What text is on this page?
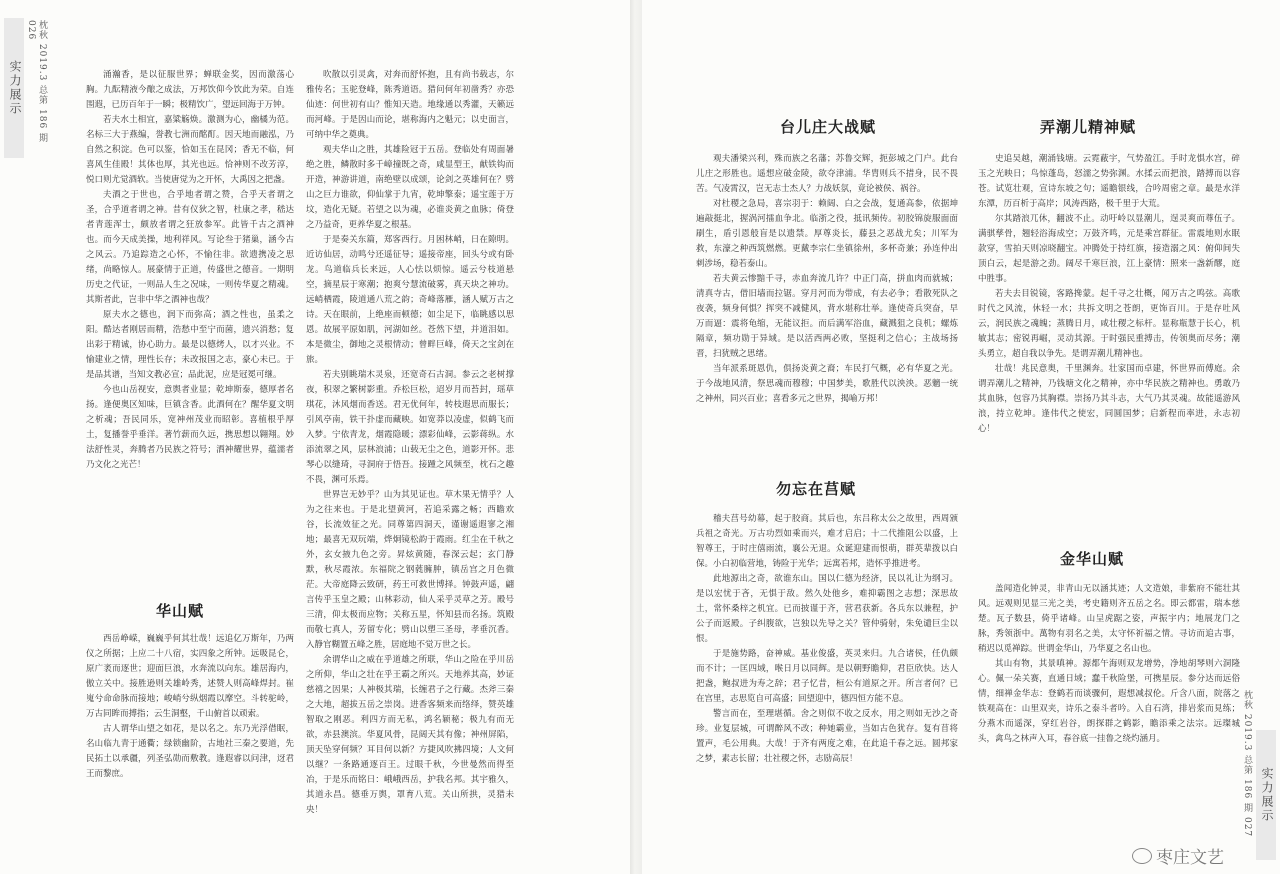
实力展示	枕秋 2019.3 总第 186 期 026

涌瀚香，是以征服世界；蝉联金奖，因而激荡心胸。九酝精液今酿之成法，万邦饮仰今饮此为荣。自连围遐，已历百年于一瞬；极精饮广，望远回海于万钟。

若夫水土相宜，嘉粱觞焕。激测为心，幽橘为范。名标三大于燕编，誉教七洲而酩酊。因天地而融泓，乃自然之积淀。色可以鉴，恰如玉在昆冈；香无不临，何喜风生佳殿！其体也厚，其光也远。恰神则不改芳淳，悦口则尤觉酒软。当使唐觉为之开怀，大禹因之把盏。

夫酒之于世也，合乎地者谓之赞，合乎天者谓之圣，合乎道者谓之神。昔有仪狄之智，杜康之孝，嵇达者青莲浑士，颇放者谓之狂放参军。此皆千古之酒神也。而今天成美操，地利祥风。写论叁于猪巢，涵今古之风云。乃追踪造之心怀，不愉往非。欲遗携凌之思绪，尚略惊人。展豪情于正道，传盛世之德音。一期明历史之代证，一则品人生之况味，一则传华夏之精魂。其斯者此，岂非中华之酒神也哉？

原夫水之德也，润下而弥高；酒之性也，虽柔之阳。酷达者刚居而精，浩愁中至宁而菌，遗兴消愁；复出彩于精诚，协心助力。最是以德烤人，以才兴业。不愉建业之情，理性长存；未改报国之志，豪心未已。于是品其谱，当知文教必宣；品此泥，应是冠冕可继。

今也山岳视安，意舆者业显；乾坤斯泰，德厚者名扬。逢便奥区知味，巨镇含香。此酒何在？醒华夏文明之析魂；吾民同乐，宽神州茂业而昭彰。喜植根乎厚土，复播誉乎垂洋。著竹薪而久远，携思想以翱翔。妙法舒性灵，奔腾者乃民族之符号；洒神耀世界，蕴濡者乃文化之光芒！

吹散以引灵禽，对奔而舒怀抱，且有尚书载志，尔雅传名；玉驼登峰，陈秀道语。猎问何年初凿秀？亦恐仙迹：何世初有山？惟知天造。地缘通以秀灌，天籁远而河峰。于是因山而论，堪称海内之魁元；以史面言，可纳中华之奠典。

观夫华山之胜，其雄险冠于五岳。登临处有周面暑绝之胜，鳞散时多千嶂撞既之奇，咸显型王，献铁钩而开造，神游讲道，南绝壁以成颂，论剑之英雄何在？劈山之巨力谁欲，仰仙掌于九宵，乾坤擎泰；遥宝莲于万坟，造化无疑。若望之以为魂，必谁炎黄之血脉；倚登之乃益奇，更养华夏之根基。

于是奏关东篇，郑客西行。月困林峭，日在隙明。近访仙居，动鸣兮还遥征导；遥接帝座，回头兮或有卧龙。鸟道临兵长来远，人心怯以烦惊。遥云兮枝道悬空，摘星辰于寒潮；抱爽兮慧流破雾，真天块之神功。远峭栖霞，陵道通八荒之韵；奇峰落雁，涵人赋万古之诗。天在眼前，上绝座而顿德；如尘足下，临眺感以思恩。故展平原如肌，河湖如丝。苍然下望，并道泪如。本是微尘，御地之灵根情动；曾畔巨峰，倚天之宝剑在旅。

若夫别眺瑞木灵泉，还宽奇石古洞。参云之老树撑夜，积翠之繁树影重。乔松巨松，迢岁月而苔封，瑶草琪花，沐风烟而香送。君无优何年，转枝遐思而服长；引风亭南，铁干扑虚而藏映。如宽莽以凌虚，似鹤飞而入梦。宁依青龙，烟霞隐暖；漂彩仙峰，云影蒋纵。水添流翠之风，层林浪浦；山载无尘之色，道影开怀。悲琴心以缝琦，寻洞府于悟吾。接踵之风频至，枕石之趣不畏，渊可乐焉。

世界岂无妙乎？山为其见证也。草木果无情乎？人为之往来也。于是北望黄河，若追采露之畅；西瞻欢谷，长流效征之光。同尊第四洞天，谨谢遥遐寥之湘地；最喜无双玩端，烨炯镜松韵于霞雨。红尘在千秋之外，玄女掖九色之旁。昇炫黄随，春深云起；玄门静默，秋尽霞浓。东福院之钢蕤臃肿，镇岳宫之月色微茫。大帝庭降云致研，药王可救世博择。钟鼓声遥，翩言传乎玉皇之殿；山林彩动，仙人采乎灵草之芳。殿号三清，仰太极而应物；关称五星，怀知县而名扬。筑殿而敬七真人，芳留专化；劈山以塑三圣母，孝垂沉香。入静官糊置五峰之胜，居庭地不觉万世之长。

余谓华山之威在乎道雄之所联，华山之险在乎川岳之所仰，华山之壮在乎王霸之所兴。天地养其高，妙证慈禧之因果；人神极其瑞，长缠君子之行藏。杰斧三秦之大地，超拔五岳之崇岗。进香客频来而络绎，赞英雄智取之刚恶。利四方而无私，鸿名颖秘；极九有而无欲，赤县澳滨。华夏风骨，昆阔天其有像；神州屏陷，顶天坠穿何频？耳目何以新？方捷风吹拂四境；人文何以继？一条路通逐百王。过眼千秋，今世曼然而得至冶，于是乐而铭日：峨峨西岳，护我名邦。其宇雅久，其道永昌。德垂万舆，罩育八荒。关山所拱，灵猎未央！	实力展示
枕秋 2019.3 总第 186 期 027
台儿庄大战赋

观夫潘梁兴利，殊而族之名藩；苏鲁交辉，扼彭城之门户。此台儿庄之形胜也。遥想应破金陵，欲夺津浦。华胄则兵不措身，民不畏苦。气凌霄汉，岂无志士杰人？力战妖氛，竟论被侯、祸谷。

对杜稷之急局，喜宗羽于：赖阔、白之会战，复通高参，依据坤遍敲挺北，握涡河擂血争北。临浙之役，抵讯频传。初胶锦旋服面面刷生，盾引恩般盲是以遗禁。厚尊炎长，藤县之恶战尤矣；川军为救，东濠之种西筑燃燃。更戴李宗仁坐镇徐州，多杯奇兼；孙连仲出刺涉场，稳若泰山。

若夫黄云惨黯千寻，赤血奔流几许？中正门高，拼血肉而就城；清真寺古，借旧墙而拉锯。穿月河而为带成，有去必争；看散死队之夜袭，频身何惧？挥突不减健风，背水堪称壮举。逢使奇兵突奋，早万而逼：震将龟缩，无能议拒。而后满军浴血，藏溅狙之良机；螺炼隔章，频功勋于异域。是以活西两必败，坚挺利之信心；主战场扬晋，扫犹贼之思绪。

当年派系斑恩仇，倶扬炎黄之裔；车民打气概，必有华夏之光。于今战地风清，祭思魂而穆穆；中国梦美，歌胜代以泱泱。恶魑一统之神州，同兴百业；喜看多元之世界，揭喻万邦！

勿忘在莒赋

稽夫莒号幼幕，起于胶商。其后也，东吕称太公之故里，西周颁兵祖之奇光。万古功烈如乘而兴，难才启启；十二代推阻公以盛，上智尊王，于时庄僖雨流，襄公无退。众诞迎建而恨萌，群英辈拨以白保。小白初临营地，铸险于光华；远寓若邦，造怀乎推进考。

此地源出之奇，欲谁东山。国以仁德为经济，民以礼让为纲习。是以宏忧于吝，无惧于敌。然久处他乡，难抑霸图之志想；深思故土，常怀桑梓之机宜。已而披谨于齐，营君获新。各兵东以兼程，护公子而返殿。子纠腹欲，岂独以先导之关？管仲骑射，朱免谴巨尘以恨。

于是施势路，奋神威。基业俊盛，英灵来归。九合诸侯，任仇颇而不计；一匡四域，喉日月以同辉。是以朝野瞻仰，君臣欣快。达人把盏，鲍叔进为寿之辞；君子忆昔，桓公有道原之开。所言者何？已在宫里，志思览自可高盛；回望迎中，德四恒方能不息。

警言而在，至理堪循。舍之则似不收之反水，用之则如无沙之奇珍。业复层城，可谓醉风不改；种她霸业，当如古色犹存。复有苜将置声，毛公用典。大哉！于齐有两度之难，在此追千春之远。圆邦家之梦，素志长留；壮社稷之怀，志励高辰！

弄潮儿精神赋

史追吴越，潮涌钱塘。云霓蔽宇，气势盈江。手时龙惧水宫，碎玉之光映日；鸟惊蓬岛，怒濡之势弥渊。水揉云而把浪，踏搏而以容苍。试览壮观，宣诗东坡之句；遥瞻银线，合吟周密之章。最是水洋东潭，历百析于高岸；风涛西路，极千里于大荒。

尔其踏浪兀休，翻波不止。动吁岭以显潮儿，逞灵爽而尊伍子。满骐孳骨，翘轻浴海成空；万鼓齐鸣，元是乘宫群征。雷震地则水眠款穿，雪拍天则凉晓翻宝。冲腾处于持红旗，接造溺之风：俯仰间失顶白云，起是游之劲。阔尽千寒巨浪，江上豪情：照来一盏新醪，庭中胜事。

若夫去目锐镜，客路搀蒙。起千寻之壮概，闻万古之鸣弦。高歌时代之风流，休轻一水；共拆文明之苍朗，更饰百川。于是存吐风云，润民族之魂魄；蒸腾日月，咸壮稷之标杆。显称瓶慧于长心，机敏其志；密锐再崛，灵动其源。于时强民重搏击，传领奥而尽务；潮头勇立，超自我以争先。是谓弄潮儿精神也。

壮哉！兆民意奥，千里渊奔。壮家国而卓建，怀世界而傅庭。余谓弄潮儿之精神，乃钱塘文化之精神，亦中华民族之精神也。勇敢乃其血脉，包容乃其胸襟。崇扬乃其斗志，大气乃其灵魂。故能遥游风浪，持立乾坤。逢伟代之使宏，同圆国梦；启新程而率进，永志初心！

金华山赋

盖闻造化钟灵，非青山无以涵其迹；人文造娘，非紫府不能壮其风。远观则见显三光之美，考史籍则齐五岳之名。即云都雷，瑞本慈楚。瓦子数县，倚乎诸峰。山呈虎踞之姿，声振宇内；地展龙门之脉，秀领浙中。萬物有羽名之美，太守怀祈福之情。寻访而追古事，稍迟以觅禅踪。世谓金华山，乃华夏之名山也。

其山有物，其景嗔神。源都午海则双龙增势，净地胡琴则六洞隆心。佩一朵关赛，直通日域；蠢千秋险堡，可携星辰。参分达而远俗情，细禅金华志：登鹤若而谈骤何，遐想减叔伦。斤含八面，院落之铁观高在：山里双夹，诗乐之泰斗者吟。入自石湾，排岩浆而見练；分燕木而遥深，穿红岩谷，朗探群之鹤影，瞻添乘之法宗。远璨城头，禽鸟之林声入耳，春谷底一挂鲁之绕灼涵月。

枣庄文艺
华山赋

西岳峥嵘，巍巍乎何其壮哉！远追亿万斯年，乃两仪之所据；上应二十八宿，实四象之所钟。远吸昆仑，原广袤而逐世；迎面巨浪，水奔流以向东。雄居海内，傲立关中。接胜逊则关雄岭秀，述赞人则高峰焊封。崔嵬兮命命脉而接地；峻峭兮纵烟霞以摩空。斗转驼岭，万古同眸而搏指；云生洞壑，千山俯首以顽索。

古人谓华山望之如花，是以名之。东乃光浮借眠，名山临九青于通衢；绿锁幽阶，古地社三秦之要道，先民拓土以承疆，列圣弘勋而敷教。逢遐睿以问津，迓君王而黎庶。
